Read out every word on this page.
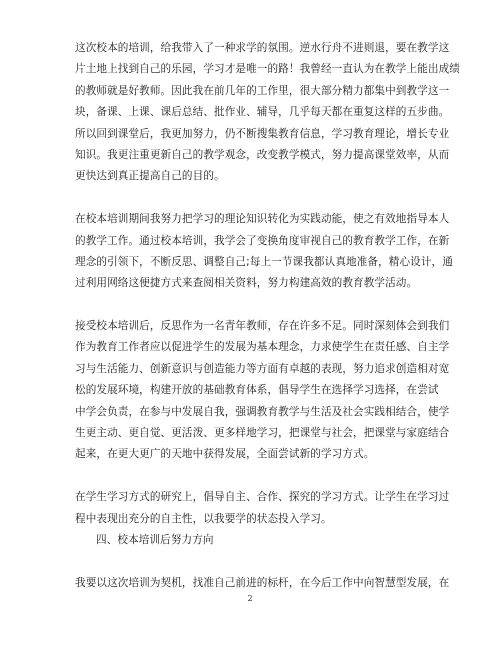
这次校本的培训，给我带入了一种求学的氛围。逆水行舟不进则退，要在教学这
片土地上找到自己的乐园，学习才是唯一的路！我曾经一直认为在教学上能出成绩
的教师就是好教师。因此我在前几年的工作里，很大部分精力都集中到教学这一
块，备课、上课、课后总结、批作业、辅导，几乎每天都在重复这样的五步曲。
所以回到课堂后，我更加努力，仍不断搜集教育信息，学习教育理论，增长专业
知识。我更注重更新自己的教学观念，改变教学模式，努力提高课堂效率，从而
更快达到真正提高自己的目的。
在校本培训期间我努力把学习的理论知识转化为实践动能，使之有效地指导本人
的教学工作。通过校本培训，我学会了变换角度审视自己的教育教学工作，在新
理念的引领下，不断反思、调整自己;每上一节课我都认真地准备，精心设计，通
过利用网络这便捷方式来查阅相关资料，努力构建高效的教育教学活动。
接受校本培训后，反思作为一名青年教师，存在许多不足。同时深刻体会到我们
作为教育工作者应以促进学生的发展为基本理念，力求使学生在责任感、自主学
习与生活能力、创新意识与创造能力等方面有卓越的表现，努力追求创造相对宽
松的发展环境，构建开放的基础教育体系，倡导学生在选择学习选择，在尝试
中学会负责，在参与中发展自我，强调教育教学与生活及社会实践相结合，使学
生更主动、更自觉、更活泼、更多样地学习，把课堂与社会，把课堂与家庭结合
起来，在更大更广的天地中获得发展，全面尝试新的学习方式。
在学生学习方式的研究上，倡导自主、合作、探究的学习方式。让学生在学习过
程中表现出充分的自主性，以我要学的状态投入学习。
四、校本培训后努力方向
我要以这次培训为契机，找准自己前进的标杆，在今后工作中向智慧型发展，在
2
